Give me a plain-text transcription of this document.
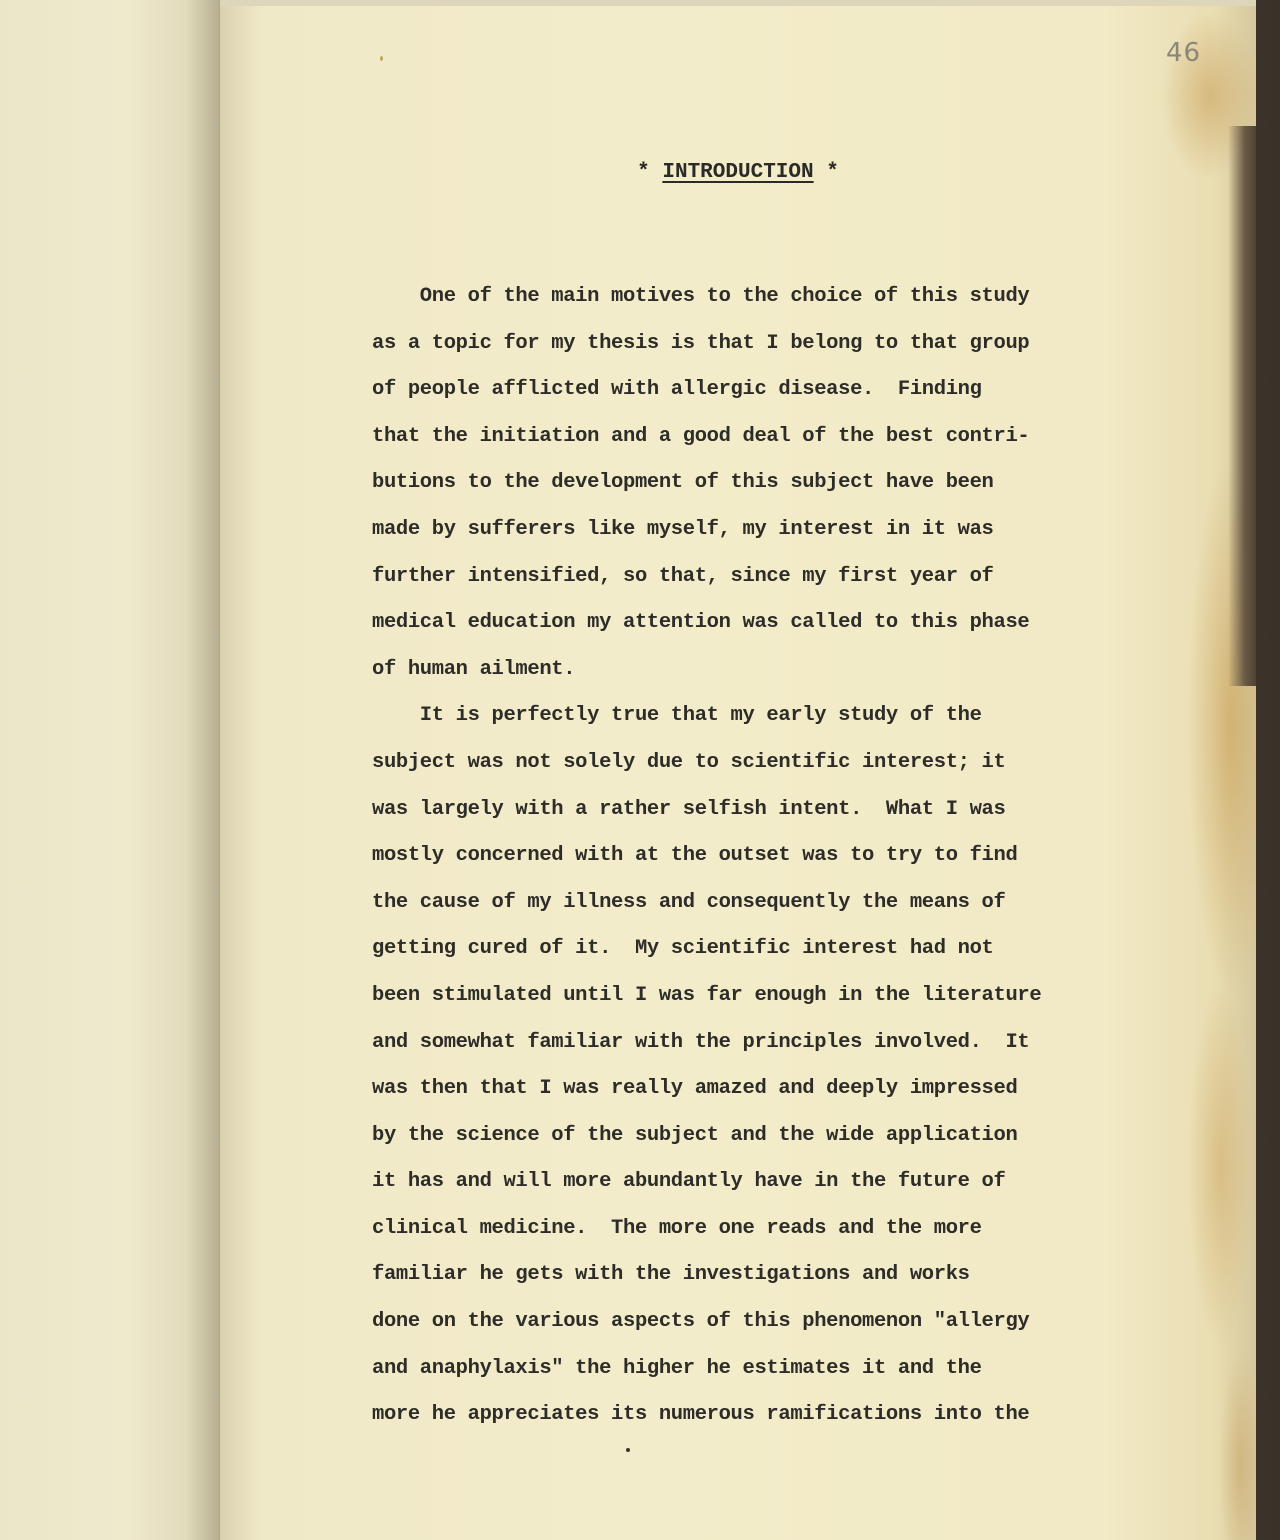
46
* INTRODUCTION *
One of the main motives to the choice of this study
as a topic for my thesis is that I belong to that group
of people afflicted with allergic disease.  Finding
that the initiation and a good deal of the best contri-
butions to the development of this subject have been
made by sufferers like myself, my interest in it was
further intensified, so that, since my first year of
medical education my attention was called to this phase
of human ailment.
It is perfectly true that my early study of the
subject was not solely due to scientific interest; it
was largely with a rather selfish intent.  What I was
mostly concerned with at the outset was to try to find
the cause of my illness and consequently the means of
getting cured of it.  My scientific interest had not
been stimulated until I was far enough in the literature
and somewhat familiar with the principles involved.  It
was then that I was really amazed and deeply impressed
by the science of the subject and the wide application
it has and will more abundantly have in the future of
clinical medicine.  The more one reads and the more
familiar he gets with the investigations and works
done on the various aspects of this phenomenon "allergy
and anaphylaxis" the higher he estimates it and the
more he appreciates its numerous ramifications into the
